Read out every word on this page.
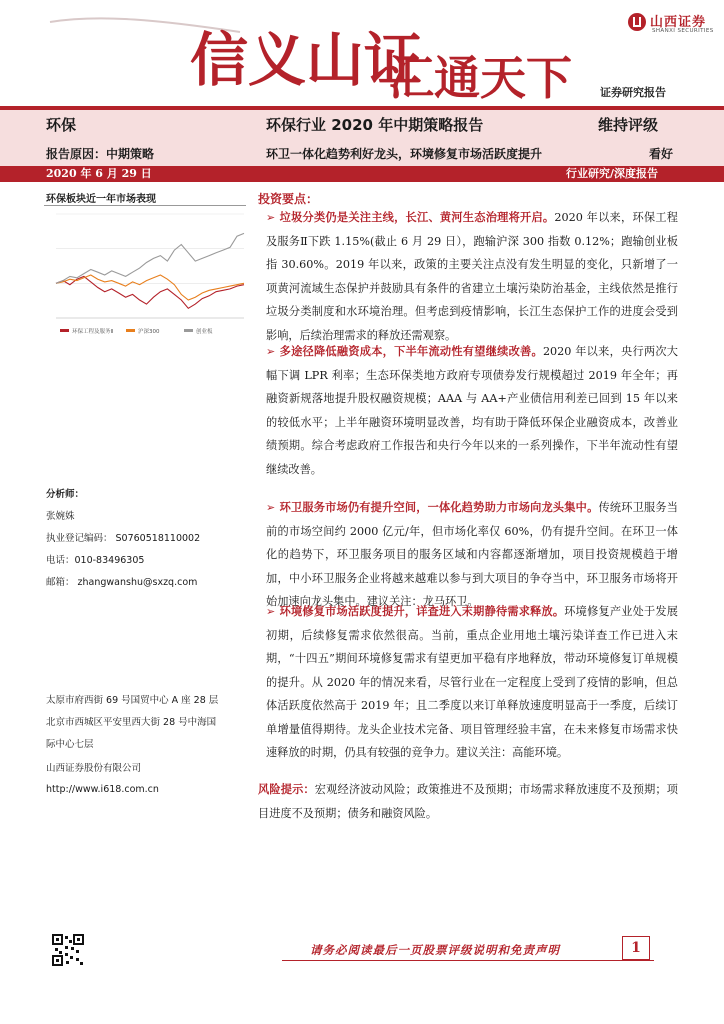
信义山证
汇通天下
山西证券
SHANXI SECURITIES
证券研究报告
环保	环保行业 2020 年中期策略报告	维持评级
报告原因：中期策略	环卫一体化趋势利好龙头，环境修复市场活跃度提升	看好
2020 年 6 月 29 日	行业研究/深度报告
环保板块近一年市场表现
环保工程及服务Ⅱ	沪深300	创业板
分析师：
张婉姝
执业登记编码： S0760518110002
电话：010-83496305
邮箱： zhangwanshu@sxzq.com
太原市府西街 69 号国贸中心 A 座 28 层
北京市西城区平安里西大街 28 号中海国
际中心七层
山西证券股份有限公司
http://www.i618.com.cn
投资要点：
➢ 垃圾分类仍是关注主线，长江、黄河生态治理将开启。2020 年以来，环保工程及服务Ⅱ下跌 1.15%(截止 6 月 29 日），跑输沪深 300 指数 0.12%；跑输创业板指 30.60%。2019 年以来，政策的主要关注点没有发生明显的变化，只新增了一项黄河流域生态保护并鼓励具有条件的省建立土壤污染防治基金，主线依然是推行垃圾分类制度和水环境治理。但考虑到疫情影响，长江生态保护工作的进度会受到影响，后续治理需求的释放还需观察。
➢ 多途径降低融资成本，下半年流动性有望继续改善。2020 年以来，央行两次大幅下调 LPR 利率；生态环保类地方政府专项债券发行规模超过 2019 年全年；再融资新规落地提升股权融资规模；AAA 与 AA+产业债信用利差已回到 15 年以来的较低水平；上半年融资环境明显改善，均有助于降低环保企业融资成本，改善业绩预期。综合考虑政府工作报告和央行今年以来的一系列操作，下半年流动性有望继续改善。
➢ 环卫服务市场仍有提升空间，一体化趋势助力市场向龙头集中。传统环卫服务当前的市场空间约 2000 亿元/年，但市场化率仅 60%，仍有提升空间。在环卫一体化的趋势下，环卫服务项目的服务区域和内容都逐渐增加，项目投资规模趋于增加，中小环卫服务企业将越来越难以参与到大项目的争夺当中，环卫服务市场将开始加速向龙头集中。建议关注：龙马环卫。
➢ 环境修复市场活跃度提升，详查进入末期静待需求释放。环境修复产业处于发展初期，后续修复需求依然很高。当前，重点企业用地土壤污染详查工作已进入末期，“十四五”期间环境修复需求有望更加平稳有序地释放，带动环境修复订单规模的提升。从 2020 年的情况来看，尽管行业在一定程度上受到了疫情的影响，但总体活跃度依然高于 2019 年；且二季度以来订单释放速度明显高于一季度，后续订单增量值得期待。龙头企业技术完备、项目管理经验丰富，在未来修复市场需求快速释放的时期，仍具有较强的竞争力。建议关注：高能环境。
风险提示：宏观经济波动风险；政策推进不及预期；市场需求释放速度不及预期；项目进度不及预期；债务和融资风险。
请务必阅读最后一页股票评级说明和免责声明	1
